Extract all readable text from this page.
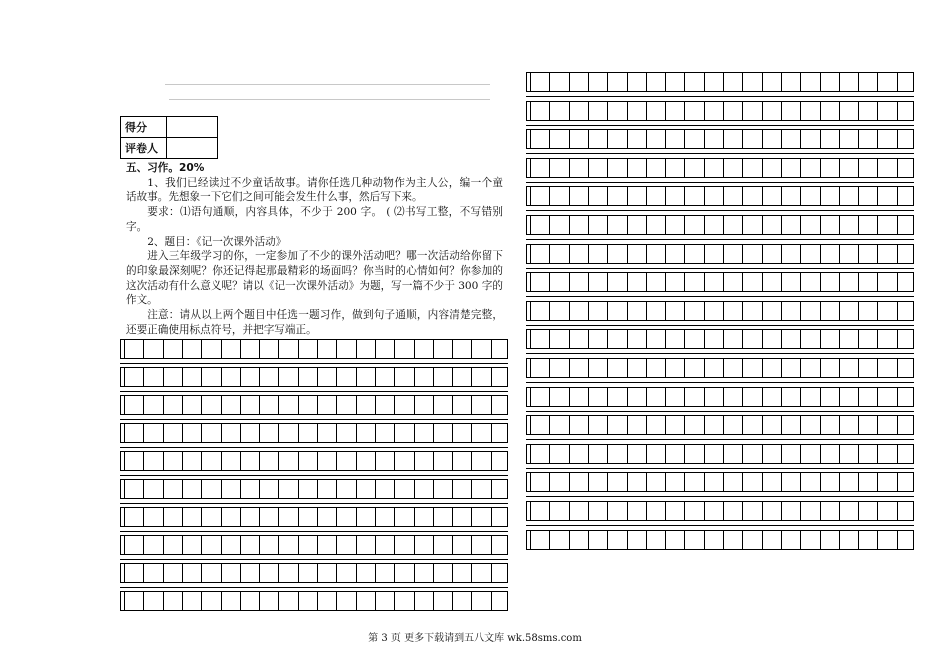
得分	
评卷人	
五、习作。20%

1、我们已经读过不少童话故事。请你任选几种动物作为主人公，编一个童话故事。先想象一下它们之间可能会发生什么事，然后写下来。

要求：⑴语句通顺，内容具体，不少于 200 字。 ( ⑵书写工整，不写错别字。

2、题目：《记一次课外活动》

进入三年级学习的你，一定参加了不少的课外活动吧？哪一次活动给你留下的印象最深刻呢？你还记得起那最精彩的场面吗？你当时的心情如何？你参加的这次活动有什么意义呢？请以《记一次课外活动》为题，写一篇不少于 300 字的作文。

注意：请从以上两个题目中任选一题习作，做到句子通顺，内容清楚完整，还要正确使用标点符号，并把字写端正。

第 3 页 更多下载请到五八文库 wk.58sms.com
